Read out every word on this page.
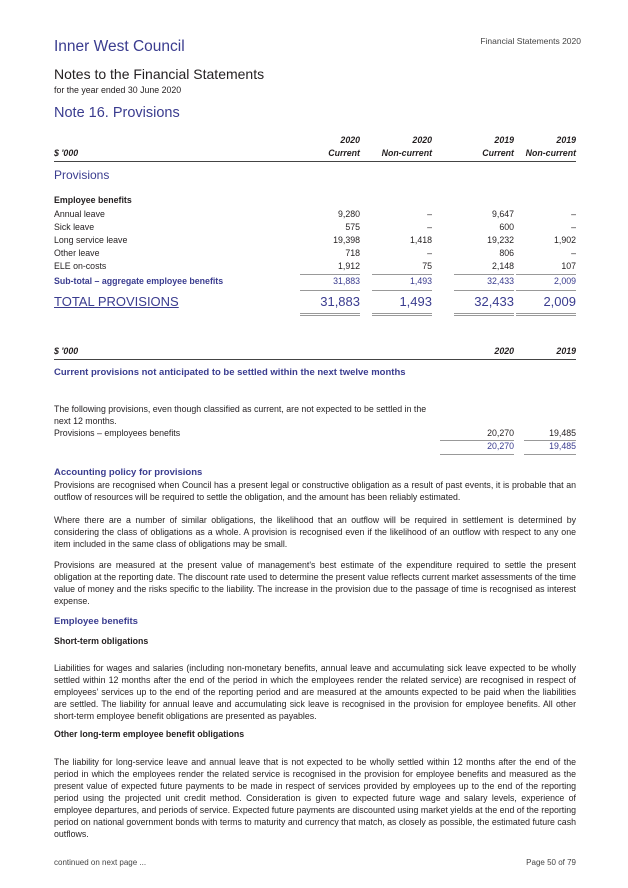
Inner West Council	Financial Statements 2020
Notes to the Financial Statements
for the year ended 30 June 2020
Note 16. Provisions
2020	2020	2019	2019
$ '000	Current	Non-current	Current	Non-current
Provisions
Employee benefits
Annual leave	9,280	–	9,647	–
Sick leave	575	–	600	–
Long service leave	19,398	1,418	19,232	1,902
Other leave	718	–	806	–
ELE on-costs	1,912	75	2,148	107
Sub-total – aggregate employee benefits	31,883	1,493	32,433	2,009
TOTAL PROVISIONS	31,883	1,493	32,433	2,009
$ '000	2020	2019
Current provisions not anticipated to be settled within the next twelve months
The following provisions, even though classified as current, are not expected to be settled in the next 12 months.
Provisions – employees benefits	20,270	19,485
20,270	19,485
Accounting policy for provisions
Provisions are recognised when Council has a present legal or constructive obligation as a result of past events, it is probable that an outflow of resources will be required to settle the obligation, and the amount has been reliably estimated.
Where there are a number of similar obligations, the likelihood that an outflow will be required in settlement is determined by considering the class of obligations as a whole. A provision is recognised even if the likelihood of an outflow with respect to any one item included in the same class of obligations may be small.
Provisions are measured at the present value of management's best estimate of the expenditure required to settle the present obligation at the reporting date. The discount rate used to determine the present value reflects current market assessments of the time value of money and the risks specific to the liability. The increase in the provision due to the passage of time is recognised as interest expense.
Employee benefits
Short-term obligations
Liabilities for wages and salaries (including non-monetary benefits, annual leave and accumulating sick leave expected to be wholly settled within 12 months after the end of the period in which the employees render the related service) are recognised in respect of employees' services up to the end of the reporting period and are measured at the amounts expected to be paid when the liabilities are settled. The liability for annual leave and accumulating sick leave is recognised in the provision for employee benefits. All other short-term employee benefit obligations are presented as payables.
Other long-term employee benefit obligations
The liability for long-service leave and annual leave that is not expected to be wholly settled within 12 months after the end of the period in which the employees render the related service is recognised in the provision for employee benefits and measured as the present value of expected future payments to be made in respect of services provided by employees up to the end of the reporting period using the projected unit credit method. Consideration is given to expected future wage and salary levels, experience of employee departures, and periods of service. Expected future payments are discounted using market yields at the end of the reporting period on national government bonds with terms to maturity and currency that match, as closely as possible, the estimated future cash outflows.
continued on next page ...	Page 50 of 79
